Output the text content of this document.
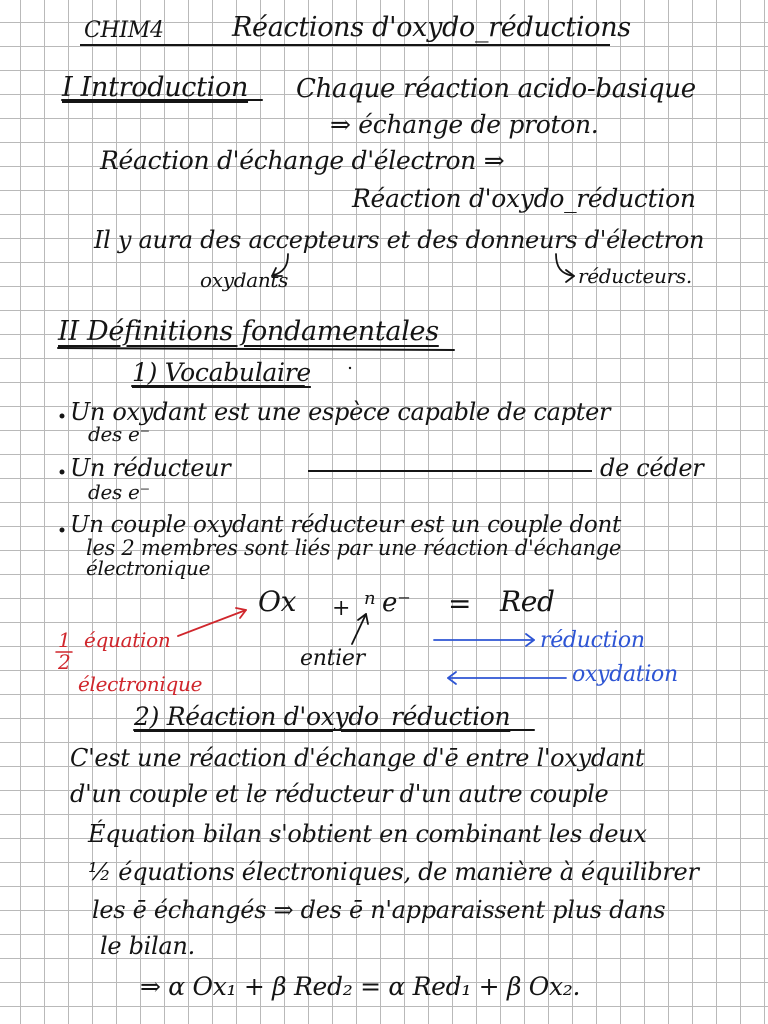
CHIM4	Réactions d'oxydo_réductions
I Introduction Chaque réaction acido-basique
⇒ échange de proton.
Réaction d'échange d'électron ⇒
Réaction d'oxydo_réduction
Il y aura des accepteurs et des donneurs d'électron
oxydants	réducteurs.
II Définitions fondamentales
1) Vocabulaire
Un oxydant est une espèce capable de capter
des e⁻
Un réducteur	de céder
des e⁻
Un couple oxydant réducteur est un couple dont
les 2 membres sont liés par une réaction d'échange
électronique
Ox + n e⁻ = Red
entier
1
2
équation
électronique
réduction
oxydation
2) Réaction d'oxydo_réduction
C'est une réaction d'échange d'ē entre l'oxydant
d'un couple et le réducteur d'un autre couple
Équation bilan s'obtient en combinant les deux
½ équations électroniques, de manière à équilibrer
les ē échangés ⇒ des ē n'apparaissent plus dans
le bilan.
⇒ α Ox₁ + β Red₂ = α Red₁ + β Ox₂.
